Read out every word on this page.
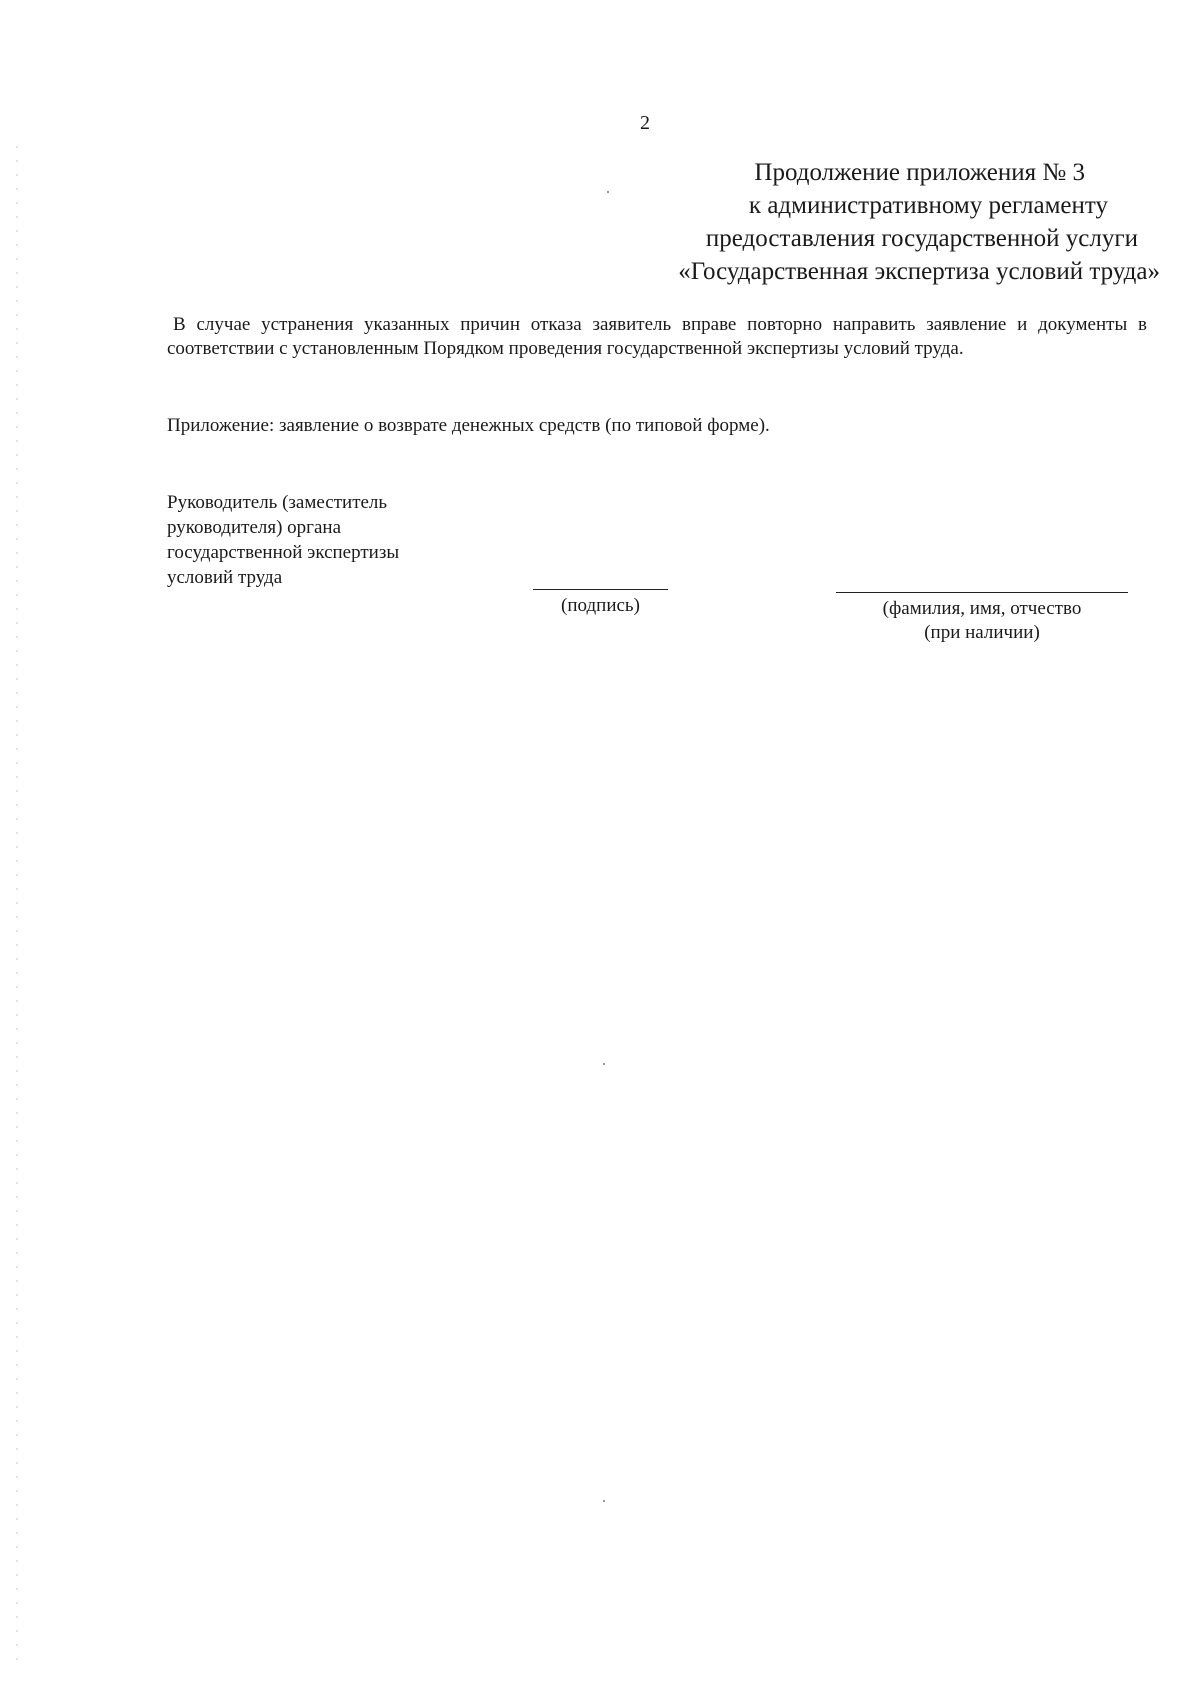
2
Продолжение приложения № 3
к административному регламенту
предоставления государственной услуги
«Государственная экспертиза условий труда»
В случае устранения указанных причин отказа заявитель вправе повторно направить заявление и документы в соответствии с установленным Порядком проведения государственной экспертизы условий труда.
Приложение: заявление о возврате денежных средств (по типовой форме).
Руководитель (заместитель
руководителя) органа
государственной экспертизы
условий труда
(подпись)	(фамилия, имя, отчество
(при наличии)
